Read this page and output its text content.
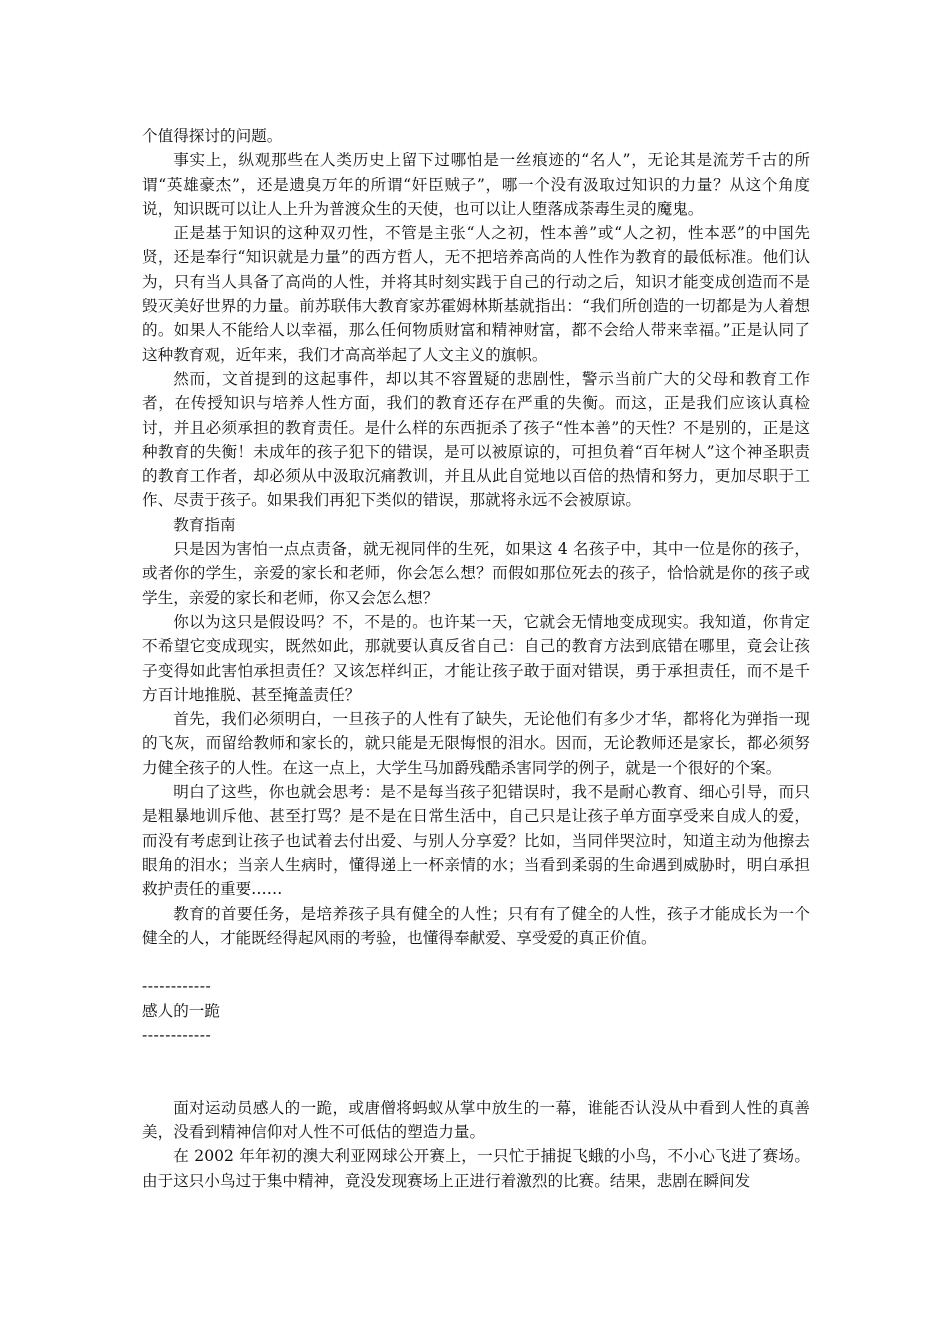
个值得探讨的问题。

事实上，纵观那些在人类历史上留下过哪怕是一丝痕迹的“名人”，无论其是流芳千古的所谓“英雄豪杰”，还是遗臭万年的所谓“奸臣贼子”，哪一个没有汲取过知识的力量？从这个角度说，知识既可以让人上升为普渡众生的天使，也可以让人堕落成荼毒生灵的魔鬼。

正是基于知识的这种双刃性，不管是主张“人之初，性本善”或“人之初，性本恶”的中国先贤，还是奉行“知识就是力量”的西方哲人，无不把培养高尚的人性作为教育的最低标准。他们认为，只有当人具备了高尚的人性，并将其时刻实践于自己的行动之后，知识才能变成创造而不是毁灭美好世界的力量。前苏联伟大教育家苏霍姆林斯基就指出：“我们所创造的一切都是为人着想的。如果人不能给人以幸福，那么任何物质财富和精神财富，都不会给人带来幸福。”正是认同了这种教育观，近年来，我们才高高举起了人文主义的旗帜。

然而，文首提到的这起事件，却以其不容置疑的悲剧性，警示当前广大的父母和教育工作者，在传授知识与培养人性方面，我们的教育还存在严重的失衡。而这，正是我们应该认真检讨，并且必须承担的教育责任。是什么样的东西扼杀了孩子“性本善”的天性？不是别的，正是这种教育的失衡！未成年的孩子犯下的错误，是可以被原谅的，可担负着“百年树人”这个神圣职责的教育工作者，却必须从中汲取沉痛教训，并且从此自觉地以百倍的热情和努力，更加尽职于工作、尽责于孩子。如果我们再犯下类似的错误，那就将永远不会被原谅。

教育指南

只是因为害怕一点点责备，就无视同伴的生死，如果这 4 名孩子中，其中一位是你的孩子，或者你的学生，亲爱的家长和老师，你会怎么想？而假如那位死去的孩子，恰恰就是你的孩子或学生，亲爱的家长和老师，你又会怎么想？

你以为这只是假设吗？不，不是的。也许某一天，它就会无情地变成现实。我知道，你肯定不希望它变成现实，既然如此，那就要认真反省自己：自己的教育方法到底错在哪里，竟会让孩子变得如此害怕承担责任？又该怎样纠正，才能让孩子敢于面对错误，勇于承担责任，而不是千方百计地推脱、甚至掩盖责任？

首先，我们必须明白，一旦孩子的人性有了缺失，无论他们有多少才华，都将化为弹指一现的飞灰，而留给教师和家长的，就只能是无限悔恨的泪水。因而，无论教师还是家长，都必须努力健全孩子的人性。在这一点上，大学生马加爵残酷杀害同学的例子，就是一个很好的个案。

明白了这些，你也就会思考：是不是每当孩子犯错误时，我不是耐心教育、细心引导，而只是粗暴地训斥他、甚至打骂？是不是在日常生活中，自己只是让孩子单方面享受来自成人的爱，而没有考虑到让孩子也试着去付出爱、与别人分享爱？比如，当同伴哭泣时，知道主动为他擦去眼角的泪水；当亲人生病时，懂得递上一杯亲情的水；当看到柔弱的生命遇到威胁时，明白承担救护责任的重要……

教育的首要任务，是培养孩子具有健全的人性；只有有了健全的人性，孩子才能成长为一个健全的人，才能既经得起风雨的考验，也懂得奉献爱、享受爱的真正价值。

------------

感人的一跪

------------

面对运动员感人的一跪，或唐僧将蚂蚁从掌中放生的一幕，谁能否认没从中看到人性的真善美，没看到精神信仰对人性不可低估的塑造力量。

在 2002 年年初的澳大利亚网球公开赛上，一只忙于捕捉飞蛾的小鸟，不小心飞进了赛场。由于这只小鸟过于集中精神，竟没发现赛场上正进行着激烈的比赛。结果，悲剧在瞬间发
